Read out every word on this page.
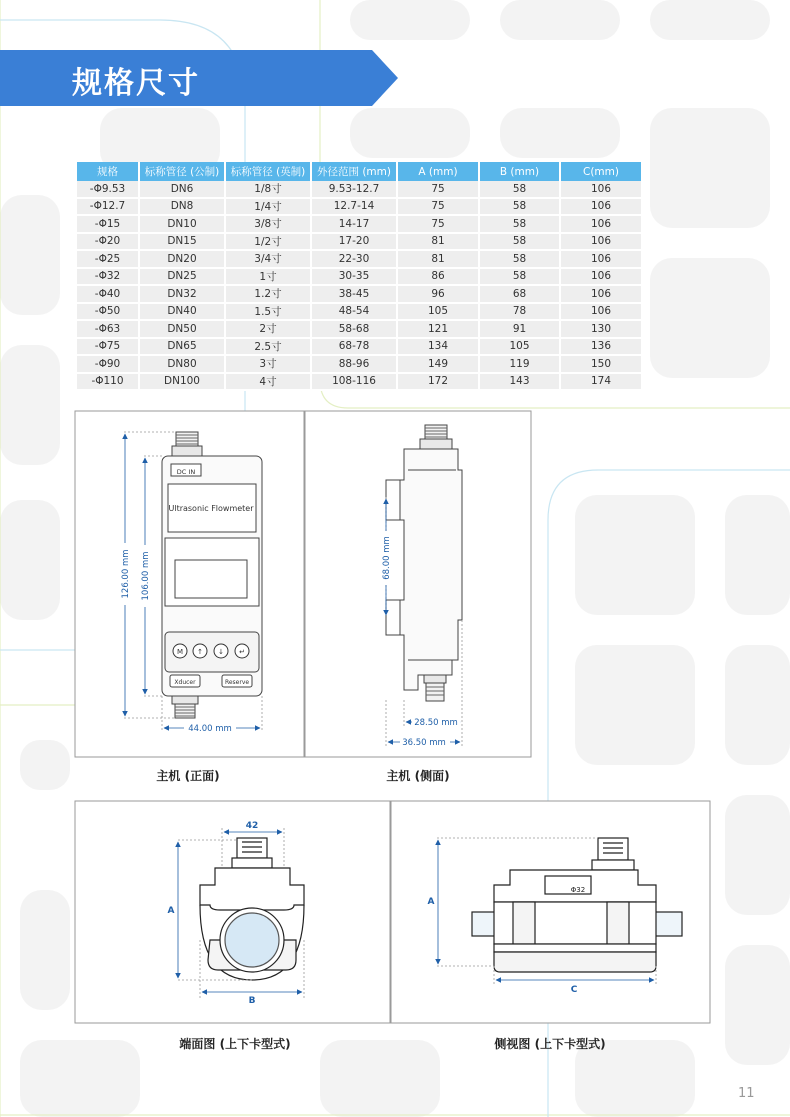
规格尺寸
规格	标称管径 (公制)	标称管径 (英制)	外径范围 (mm)	A (mm)	B (mm)	C(mm)
-Φ9.53	DN6	1/8寸	9.53-12.7	75	58	106
-Φ12.7	DN8	1/4寸	12.7-14	75	58	106
-Φ15	DN10	3/8寸	14-17	75	58	106
-Φ20	DN15	1/2寸	17-20	81	58	106
-Φ25	DN20	3/4寸	22-30	81	58	106
-Φ32	DN25	1寸	30-35	86	58	106
-Φ40	DN32	1.2寸	38-45	96	68	106
-Φ50	DN40	1.5寸	48-54	105	78	106
-Φ63	DN50	2寸	58-68	121	91	130
-Φ75	DN65	2.5寸	68-78	134	105	136
-Φ90	DN80	3寸	88-96	149	119	150
-Φ110	DN100	4寸	108-116	172	143	174
DC IN
Ultrasonic Flowmeter
M ↑ ↓ ↵
Xducer	Reserve
126.00 mm 106.00 mm
44.00 mm
68.00 mm
28.50 mm
36.50 mm
42
A
B
Φ32
A
C
主机 (正面)	主机 (侧面)
端面图 (上下卡型式)	侧视图 (上下卡型式)
11
